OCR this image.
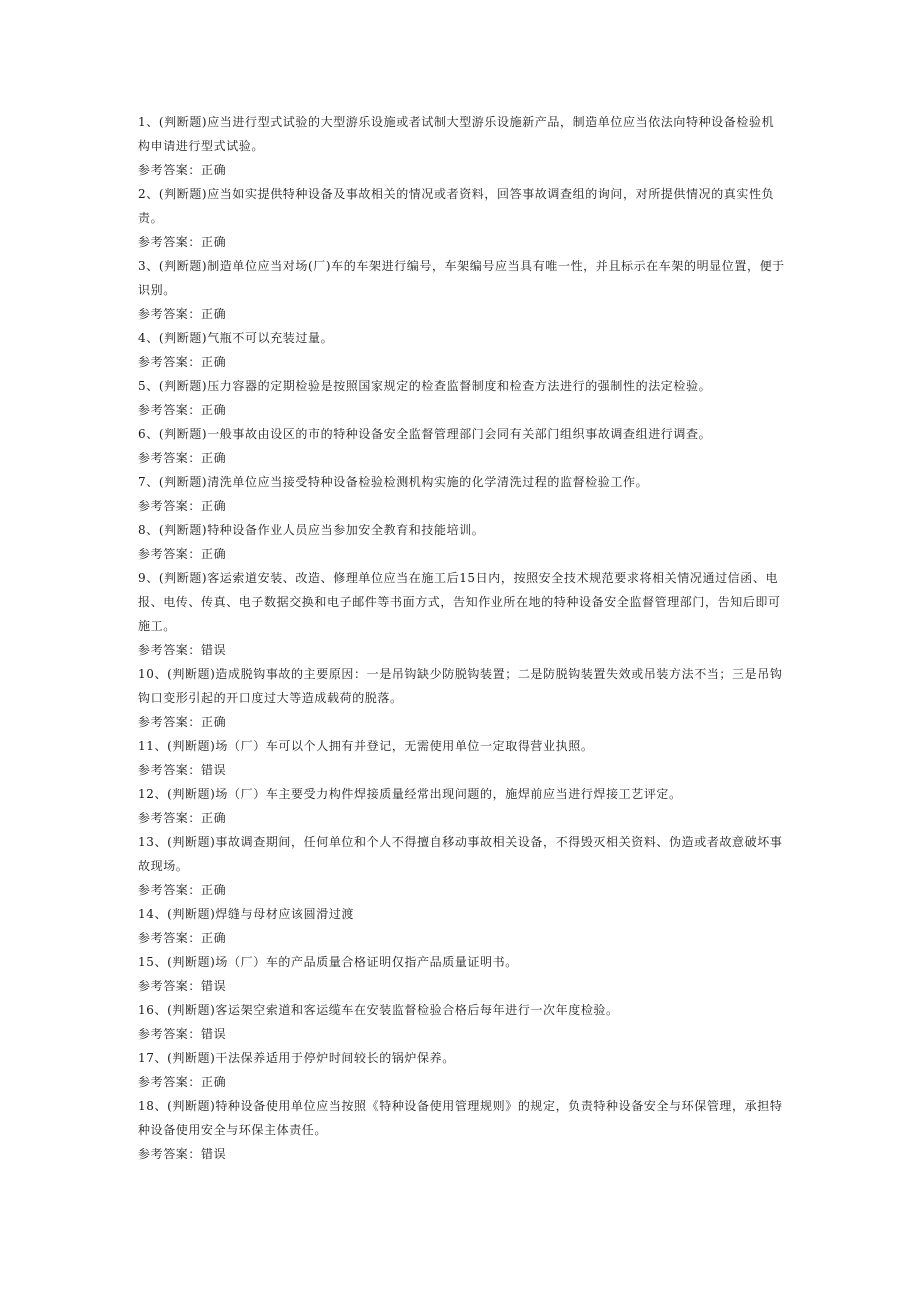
1、(判断题)应当进行型式试验的大型游乐设施或者试制大型游乐设施新产品，制造单位应当依法向特种设备检验机构申请进行型式试验。

参考答案：正确

2、(判断题)应当如实提供特种设备及事故相关的情况或者资料，回答事故调查组的询问，对所提供情况的真实性负责。

参考答案：正确

3、(判断题)制造单位应当对场(厂)车的车架进行编号，车架编号应当具有唯一性，并且标示在车架的明显位置，便于识别。

参考答案：正确

4、(判断题)气瓶不可以充装过量。

参考答案：正确

5、(判断题)压力容器的定期检验是按照国家规定的检查监督制度和检查方法进行的强制性的法定检验。

参考答案：正确

6、(判断题)一般事故由设区的市的特种设备安全监督管理部门会同有关部门组织事故调查组进行调查。

参考答案：正确

7、(判断题)清洗单位应当接受特种设备检验检测机构实施的化学清洗过程的监督检验工作。

参考答案：正确

8、(判断题)特种设备作业人员应当参加安全教育和技能培训。

参考答案：正确

9、(判断题)客运索道安装、改造、修理单位应当在施工后15日内，按照安全技术规范要求将相关情况通过信函、电报、电传、传真、电子数据交换和电子邮件等书面方式，告知作业所在地的特种设备安全监督管理部门，告知后即可施工。

参考答案：错误

10、(判断题)造成脱钩事故的主要原因：一是吊钩缺少防脱钩装置；二是防脱钩装置失效或吊装方法不当；三是吊钩钩口变形引起的开口度过大等造成载荷的脱落。

参考答案：正确

11、(判断题)场（厂）车可以个人拥有并登记，无需使用单位一定取得营业执照。

参考答案：错误

12、(判断题)场（厂）车主要受力构件焊接质量经常出现问题的，施焊前应当进行焊接工艺评定。

参考答案：正确

13、(判断题)事故调查期间，任何单位和个人不得擅自移动事故相关设备，不得毁灭相关资料、伪造或者故意破坏事故现场。

参考答案：正确

14、(判断题)焊缝与母材应该圆滑过渡

参考答案：正确

15、(判断题)场（厂）车的产品质量合格证明仅指产品质量证明书。

参考答案：错误

16、(判断题)客运架空索道和客运缆车在安装监督检验合格后每年进行一次年度检验。

参考答案：错误

17、(判断题)干法保养适用于停炉时间较长的锅炉保养。

参考答案：正确

18、(判断题)特种设备使用单位应当按照《特种设备使用管理规则》的规定，负责特种设备安全与环保管理，承担特种设备使用安全与环保主体责任。

参考答案：错误
